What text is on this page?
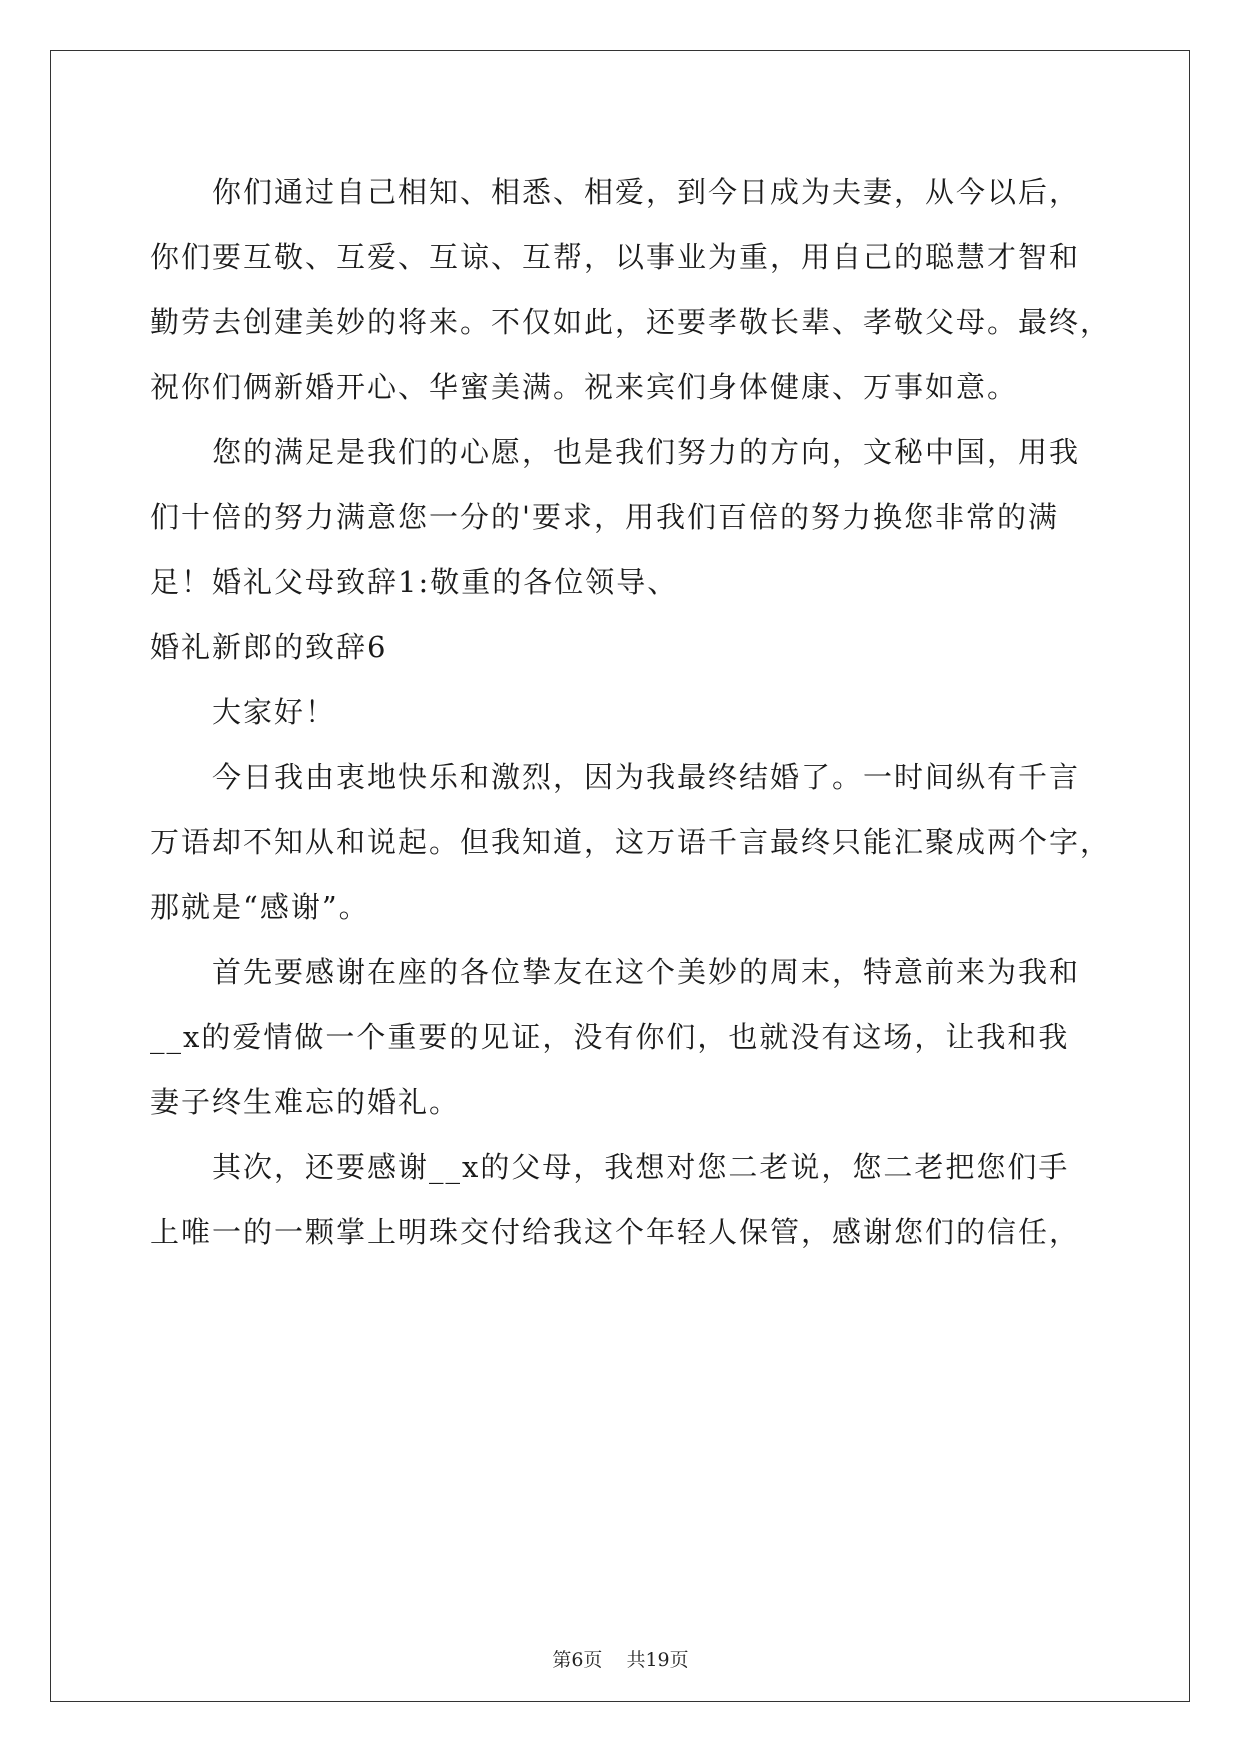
你们通过自己相知、相悉、相爱，到今日成为夫妻，从今以后，

你们要互敬、互爱、互谅、互帮，以事业为重，用自己的聪慧才智和

勤劳去创建美妙的将来。不仅如此，还要孝敬长辈、孝敬父母。最终，

祝你们俩新婚开心、华蜜美满。祝来宾们身体健康、万事如意。

您的满足是我们的心愿，也是我们努力的方向，文秘中国，用我

们十倍的努力满意您一分的'要求，用我们百倍的努力换您非常的满

足！婚礼父母致辞1:敬重的各位领导、

婚礼新郎的致辞6

大家好！

今日我由衷地快乐和激烈，因为我最终结婚了。一时间纵有千言

万语却不知从和说起。但我知道，这万语千言最终只能汇聚成两个字，

那就是“感谢”。

首先要感谢在座的各位挚友在这个美妙的周末，特意前来为我和

__x的爱情做一个重要的见证，没有你们，也就没有这场，让我和我

妻子终生难忘的婚礼。

其次，还要感谢__x的父母，我想对您二老说，您二老把您们手

上唯一的一颗掌上明珠交付给我这个年轻人保管，感谢您们的信任，

第6页 共19页
